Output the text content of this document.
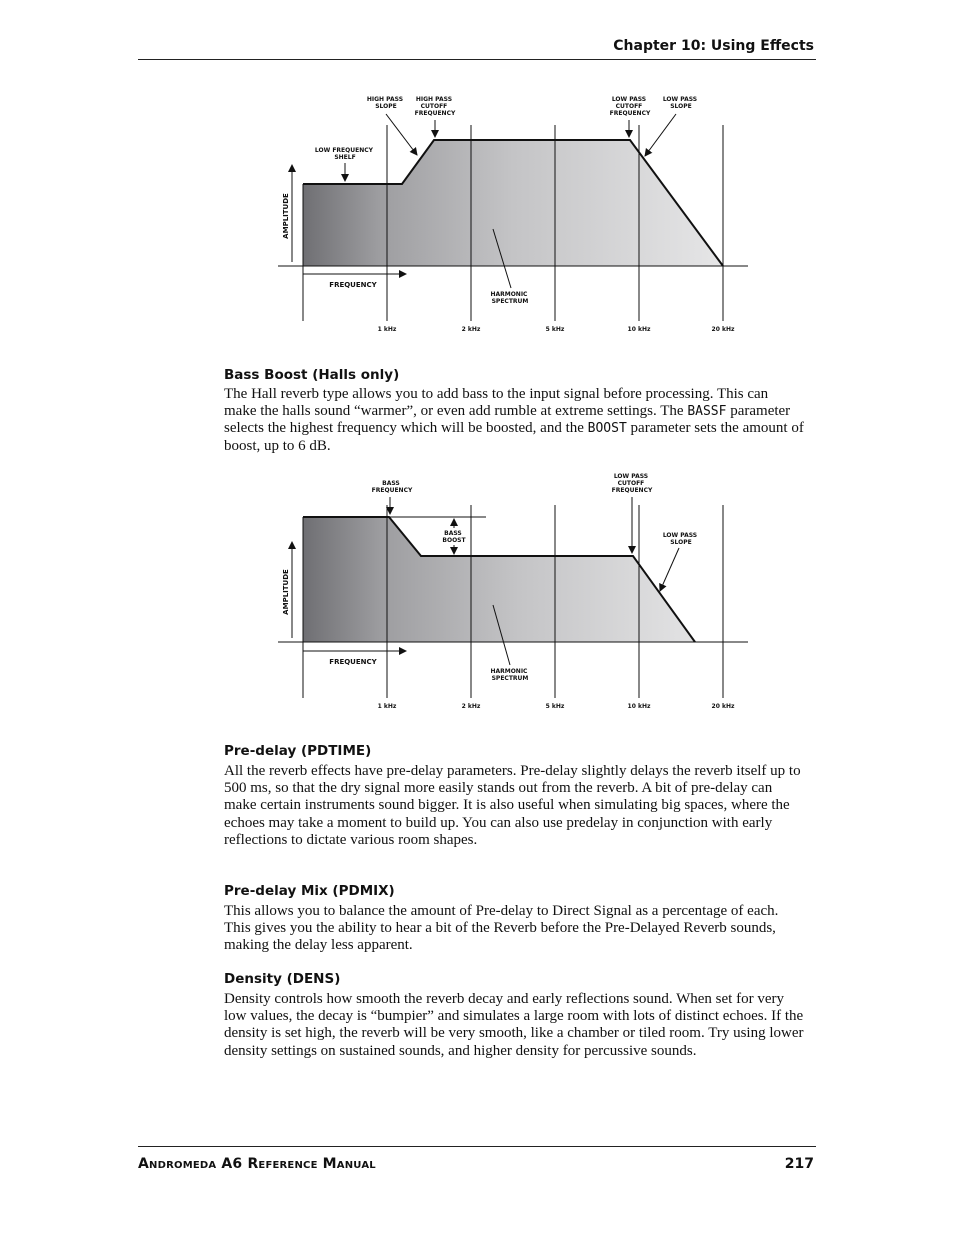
Chapter 10: Using Effects
HIGH PASS SLOPE
HIGH PASS CUTOFF FREQUENCY
LOW PASS CUTOFF FREQUENCY
LOW PASS SLOPE
LOW FREQUENCY SHELF
AMPLITUDE
FREQUENCY
HARMONIC SPECTRUM
1 kHz	2 kHz	5 kHz	10 kHz	20 kHz
Bass Boost (Halls only)
The Hall reverb type allows you to add bass to the input signal before processing. This can make the halls sound “warmer”, or even add rumble at extreme settings. The BASSF parameter selects the highest frequency which will be boosted, and the BOOST parameter sets the amount of boost, up to 6 dB.
BASS FREQUENCY
BASS BOOST
LOW PASS CUTOFF FREQUENCY
LOW PASS SLOPE
AMPLITUDE
FREQUENCY
HARMONIC SPECTRUM
1 kHz	2 kHz	5 kHz	10 kHz	20 kHz
Pre-delay (PDTIME)
All the reverb effects have pre-delay parameters. Pre-delay slightly delays the reverb itself up to 500 ms, so that the dry signal more easily stands out from the reverb. A bit of pre-delay can make certain instruments sound bigger. It is also useful when simulating big spaces, where the echoes may take a moment to build up. You can also use predelay in conjunction with early reflections to dictate various room shapes.
Pre-delay Mix (PDMIX)
This allows you to balance the amount of Pre-delay to Direct Signal as a percentage of each. This gives you the ability to hear a bit of the Reverb before the Pre-Delayed Reverb sounds, making the delay less apparent.
Density (DENS)
Density controls how smooth the reverb decay and early reflections sound. When set for very low values, the decay is “bumpier” and simulates a large room with lots of distinct echoes. If the density is set high, the reverb will be very smooth, like a chamber or tiled room. Try using lower density settings on sustained sounds, and higher density for percussive sounds.
Andromeda A6 Reference Manual	217
